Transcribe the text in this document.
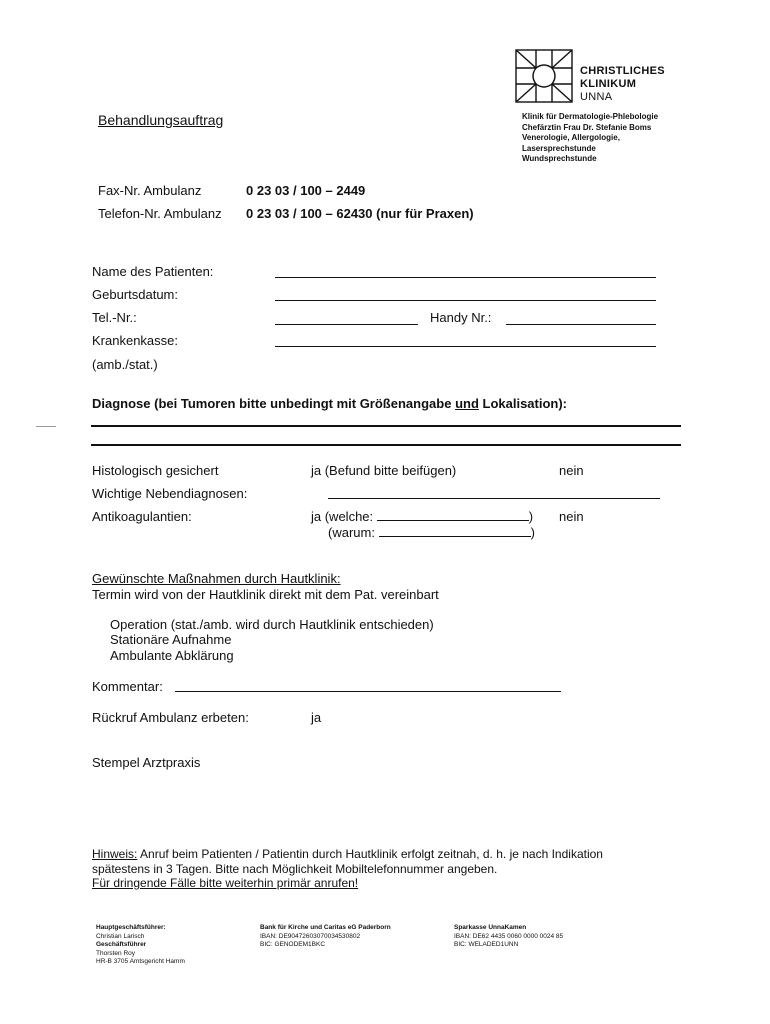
CHRISTLICHES
KLINIKUM
UNNA
Behandlungsauftrag	Klinik für Dermatologie-Phlebologie
Chefärztin Frau Dr. Stefanie Boms
Venerologie, Allergologie,
Lasersprechstunde
Wundsprechstunde
Fax-Nr. Ambulanz	0 23 03 / 100 – 2449
Telefon-Nr. Ambulanz 0 23 03 / 100 – 62430 (nur für Praxen)
Name des Patienten:
Geburtsdatum:
Tel.-Nr.:	Handy Nr.:
Krankenkasse:
(amb./stat.)
Diagnose (bei Tumoren bitte unbedingt mit Größenangabe und Lokalisation):
Histologisch gesichert	ja (Befund bitte beifügen)	nein
Wichtige Nebendiagnosen:
Antikoagulantien:	ja (welche:	) nein
(warum:	)
Gewünschte Maßnahmen durch Hautklinik:
Termin wird von der Hautklinik direkt mit dem Pat. vereinbart
Operation (stat./amb. wird durch Hautklinik entschieden)
Stationäre Aufnahme
Ambulante Abklärung
Kommentar:
Rückruf Ambulanz erbeten:	ja
Stempel Arztpraxis
Hinweis: Anruf beim Patienten / Patientin durch Hautklinik erfolgt zeitnah, d. h. je nach Indikation
spätestens in 3 Tagen. Bitte nach Möglichkeit Mobiltelefonnummer angeben.
Für dringende Fälle bitte weiterhin primär anrufen!
Hauptgeschäftsführer:
Christian Larisch
Geschäftsführer
Thorsten Roy
HR-B 3705 Amtsgericht Hamm
Bank für Kirche und Caritas eG Paderborn
IBAN: DE90472603070034530802
BIC: GENODEM1BKC
Sparkasse UnnaKamen
IBAN: DE62 4435 0060 0000 0024 85
BIC: WELADED1UNN
